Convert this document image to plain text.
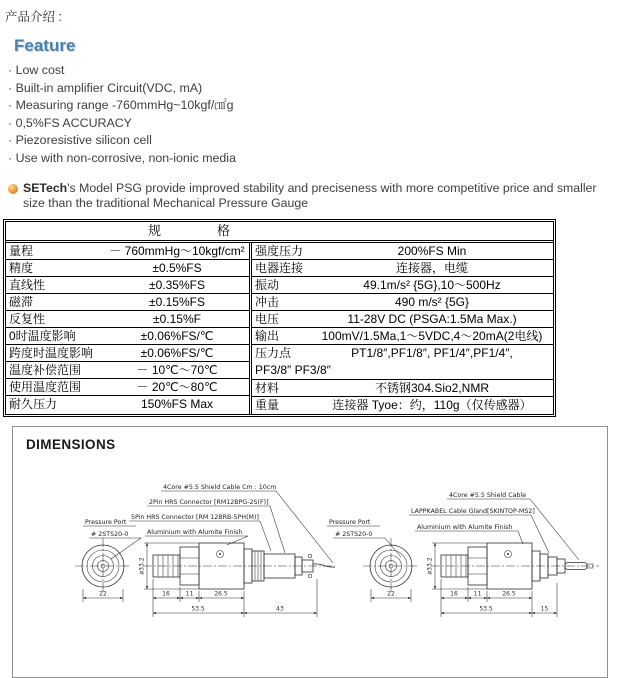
产品介绍 :
Feature
· Low cost
· Built-in amplifier Circuit(VDC, mA)
· Measuring range -760mmHg~10kgf/㎠g
· 0,5%FS ACCURACY
· Piezoresistive silicon cell
· Use with non-corrosive, non-ionic media
SETech's Model PSG provide improved stability and preciseness with more competitive price and smaller size than the traditional Mechanical Pressure Gauge
规	格
量程	－ 760mmHg～10kgf/cm²
精度	±0.5%FS
直线性	±0.35%FS
磁滞	±0.15%FS
反复性	±0.15%F
0时温度影响	±0.06%FS/℃
跨度时温度影响	±0.06%FS/℃
温度补偿范围	－ 10℃～70℃
使用温度范围	－ 20℃～80℃
耐久压力	150%FS Max
强度压力	200%FS Min
电器连接	连接器，电缆
振动	49.1m/s² {5G},10～500Hz
冲击	490 m/s² {5G}
电压	11-28V DC (PSGA:1.5Ma Max.)
输出	100mV/1.5Ma,1～5VDC,4～20mA(2电线)
压力点	PT1/8″,PF1/8″, PF1/4″,PF1/4″,
PF3/8″ PF3/8″
材料	不锈钢304.Sio2,NMR
重量	连接器 Tyoe：约，110g（仅传感器）
DIMENSIONS
22
Pressure Port
# 2STS20-0
16	11	26.5
53.5	43
ø33.2
4Core #5.5 Shield Cable Cm : 10cm
2Pin HRS Connector [RM12BPG-2S(F)]
5Pin HRS Connector [RM 12BRB-5PH(M)]
Aluminium with Alumite Finish
22
Pressure Port
# 2STS20-0
16	11	26.5
53.5	15
ø33.2
4Core #5.5 Shield Cable
LAPPKABEL Cable Gland[SKINTOP-MS2]
Aluminium with Alumite Finish
